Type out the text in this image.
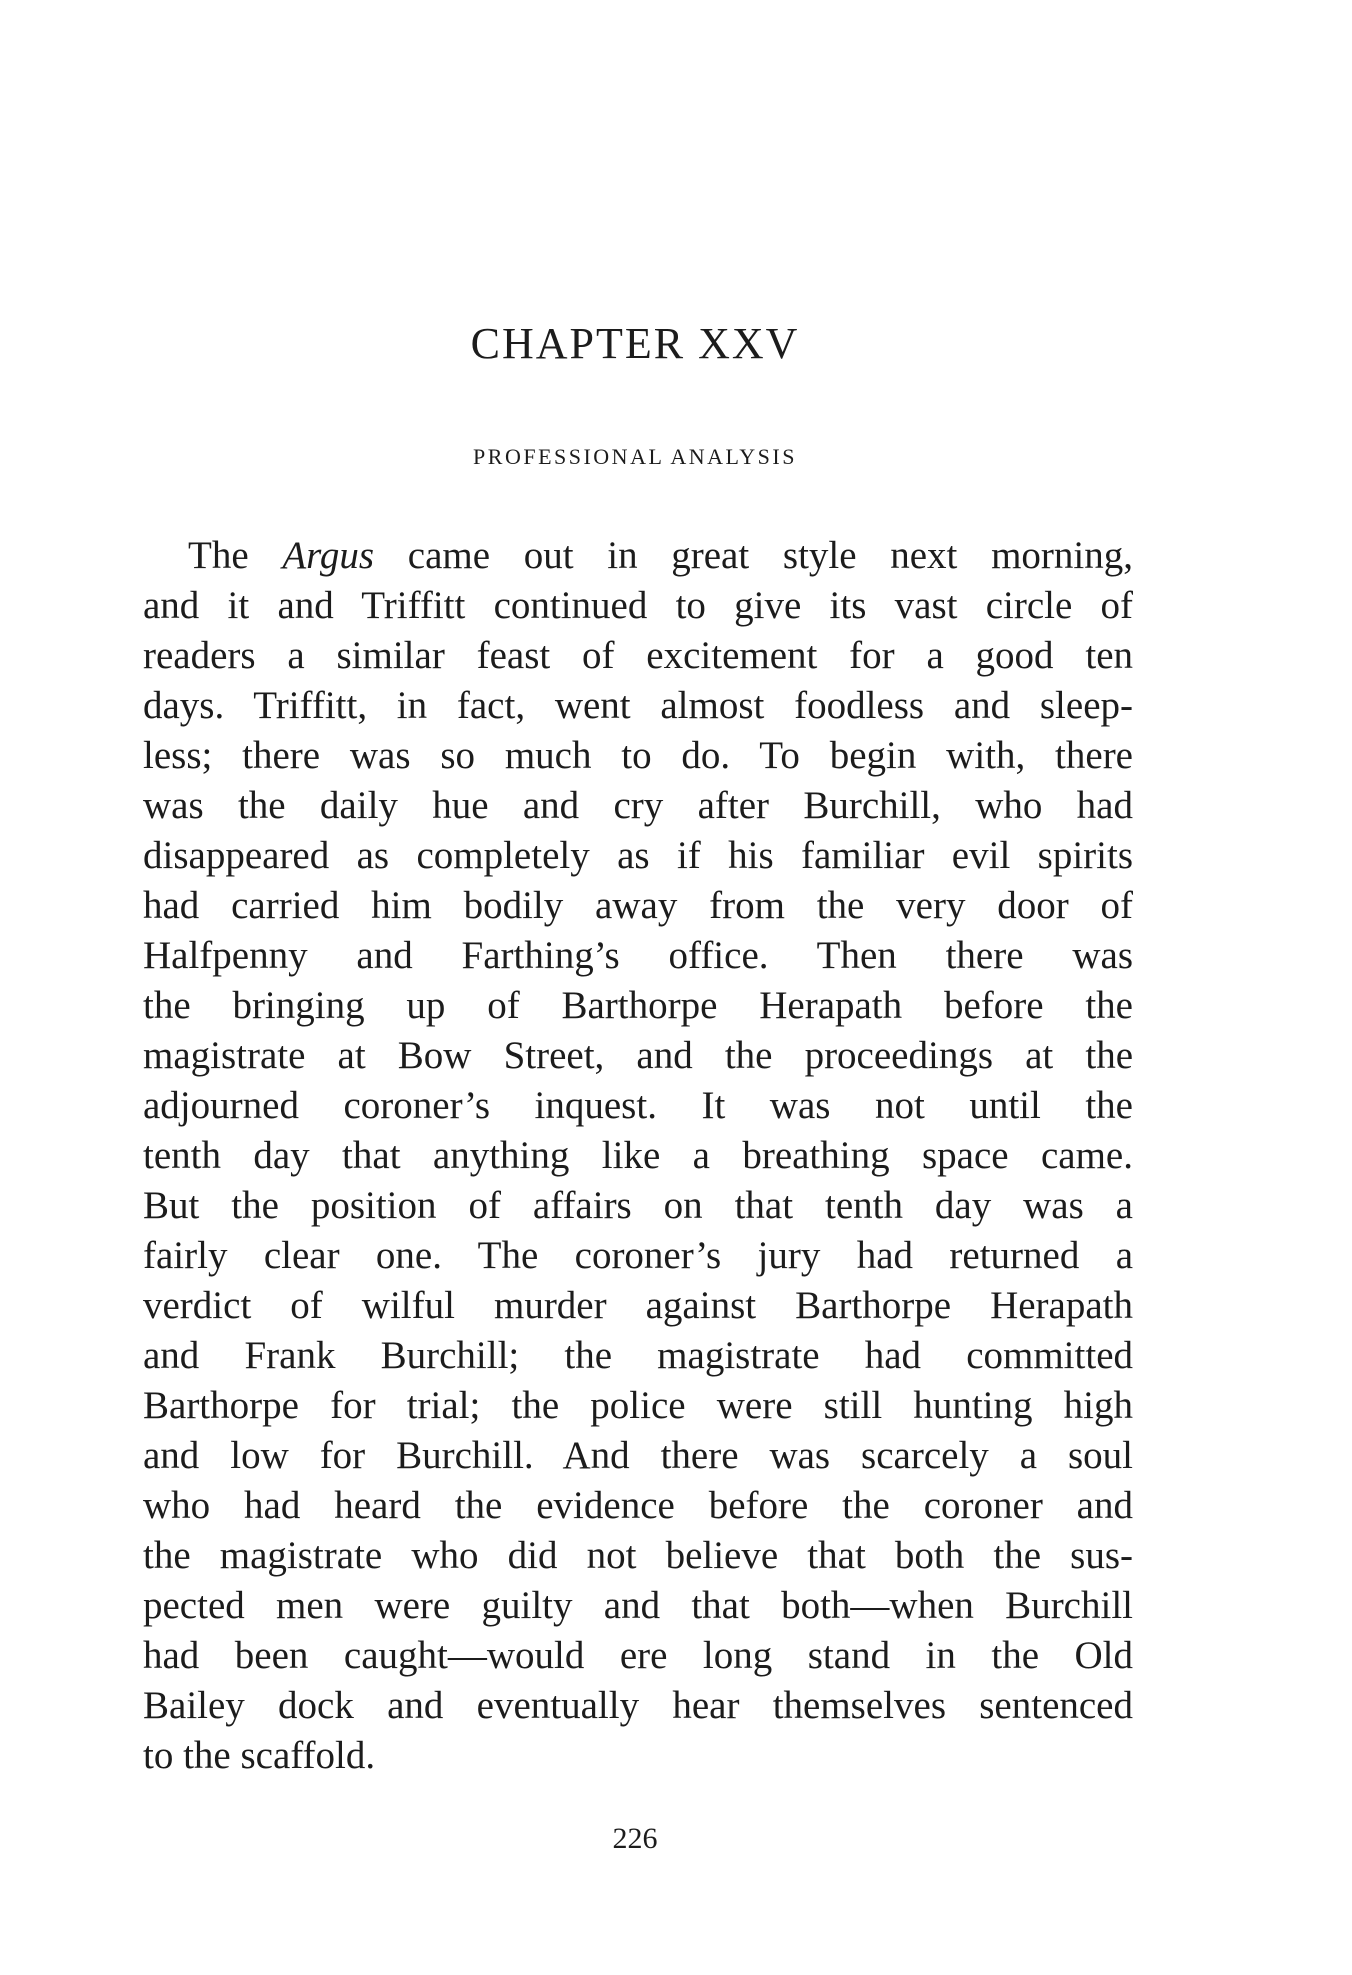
CHAPTER XXV
PROFESSIONAL ANALYSIS
The Argus came out in great style next morning,
and it and Triffitt continued to give its vast circle of
readers a similar feast of excitement for a good ten
days. Triffitt, in fact, went almost foodless and sleep-
less; there was so much to do. To begin with, there
was the daily hue and cry after Burchill, who had
disappeared as completely as if his familiar evil spirits
had carried him bodily away from the very door of
Halfpenny and Farthing’s office. Then there was
the bringing up of Barthorpe Herapath before the
magistrate at Bow Street, and the proceedings at the
adjourned coroner’s inquest. It was not until the
tenth day that anything like a breathing space came.
But the position of affairs on that tenth day was a
fairly clear one. The coroner’s jury had returned a
verdict of wilful murder against Barthorpe Herapath
and Frank Burchill; the magistrate had committed
Barthorpe for trial; the police were still hunting high
and low for Burchill. And there was scarcely a soul
who had heard the evidence before the coroner and
the magistrate who did not believe that both the sus-
pected men were guilty and that both—when Burchill
had been caught—would ere long stand in the Old
Bailey dock and eventually hear themselves sentenced
to the scaffold.
226
